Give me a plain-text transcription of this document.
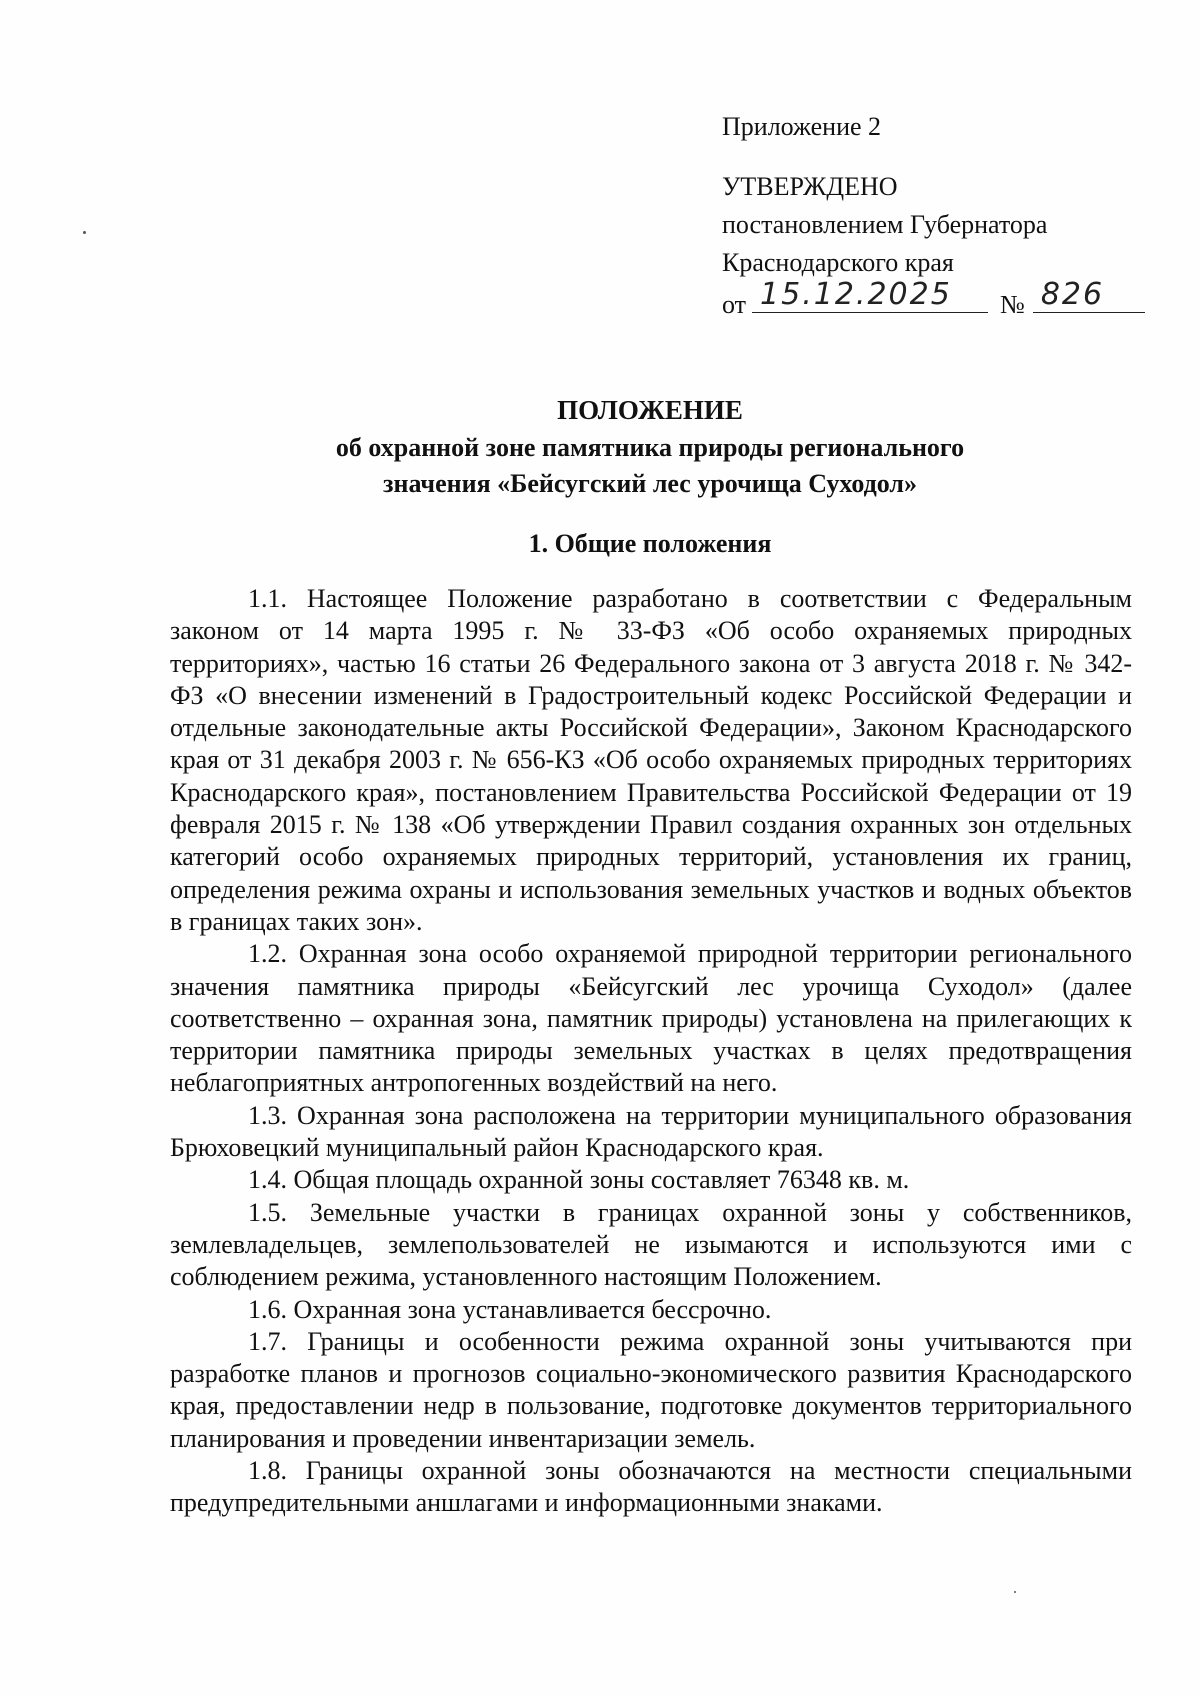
Приложение 2
УТВЕРЖДЕНО
постановлением Губернатора
Краснодарского края
от 15.12.2025 № 826
ПОЛОЖЕНИЕ
об охранной зоне памятника природы регионального
значения «Бейсугский лес урочища Суходол»
1. Общие положения

1.1. Настоящее Положение разработано в соответствии с Федеральным законом от 14 марта 1995 г. № 33-ФЗ «Об особо охраняемых природных территориях», частью 16 статьи 26 Федерального закона от 3 августа 2018 г. № 342-ФЗ «О внесении изменений в Градостроительный кодекс Российской Федерации и отдельные законодательные акты Российской Федерации», Законом Краснодарского края от 31 декабря 2003 г. № 656-КЗ «Об особо охраняемых природных территориях Краснодарского края», постановлением Правительства Российской Федерации от 19 февраля 2015 г. № 138 «Об утверждении Правил создания охранных зон отдельных категорий особо охраняемых природных территорий, установления их границ, определения режима охраны и использования земельных участков и водных объектов в границах таких зон».

1.2. Охранная зона особо охраняемой природной территории регионального значения памятника природы «Бейсугский лес урочища Суходол» (далее соответственно – охранная зона, памятник природы) установлена на прилегающих к территории памятника природы земельных участках в целях предотвращения неблагоприятных антропогенных воздействий на него.

1.3. Охранная зона расположена на территории муниципального образования Брюховецкий муниципальный район Краснодарского края.

1.4. Общая площадь охранной зоны составляет 76348 кв. м.

1.5. Земельные участки в границах охранной зоны у собственников, землевладельцев, землепользователей не изымаются и используются ими с соблюдением режима, установленного настоящим Положением.

1.6. Охранная зона устанавливается бессрочно.

1.7. Границы и особенности режима охранной зоны учитываются при разработке планов и прогнозов социально-экономического развития Краснодарского края, предоставлении недр в пользование, подготовке документов территориального планирования и проведении инвентаризации земель.

1.8. Границы охранной зоны обозначаются на местности специальными предупредительными аншлагами и информационными знаками.
